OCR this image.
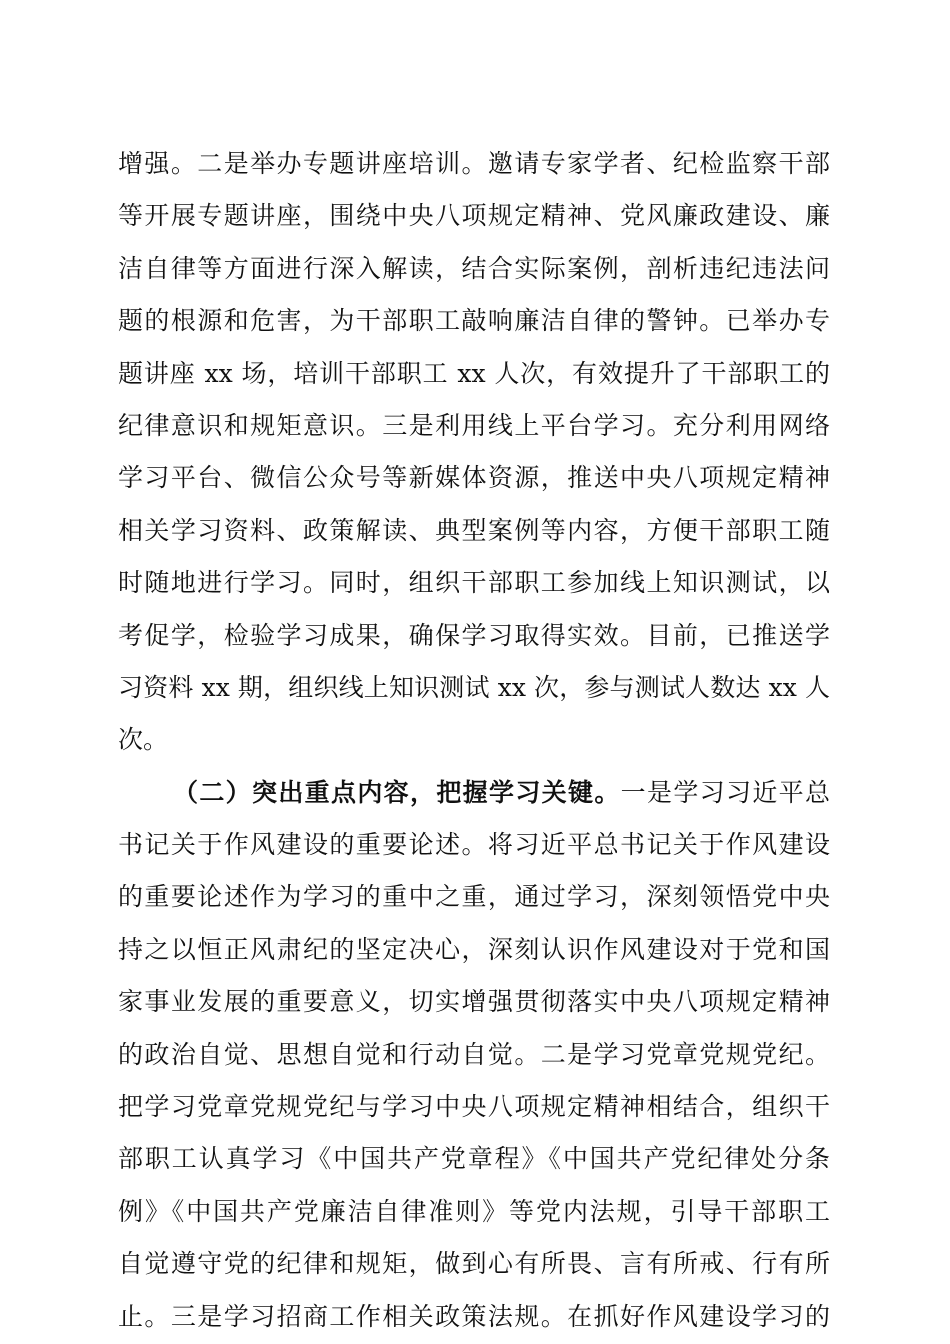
增强。二是举办专题讲座培训。邀请专家学者、纪检监察干部
等开展专题讲座，围绕中央八项规定精神、党风廉政建设、廉
洁自律等方面进行深入解读，结合实际案例，剖析违纪违法问
题的根源和危害，为干部职工敲响廉洁自律的警钟。已举办专
题讲座 xx 场，培训干部职工 xx 人次，有效提升了干部职工的
纪律意识和规矩意识。三是利用线上平台学习。充分利用网络
学习平台、微信公众号等新媒体资源，推送中央八项规定精神
相关学习资料、政策解读、典型案例等内容，方便干部职工随
时随地进行学习。同时，组织干部职工参加线上知识测试，以
考促学，检验学习成果，确保学习取得实效。目前，已推送学
习资料 xx 期，组织线上知识测试 xx 次，参与测试人数达 xx 人
次。
（二）突出重点内容，把握学习关键。一是学习习近平总
书记关于作风建设的重要论述。将习近平总书记关于作风建设
的重要论述作为学习的重中之重，通过学习，深刻领悟党中央
持之以恒正风肃纪的坚定决心，深刻认识作风建设对于党和国
家事业发展的重要意义，切实增强贯彻落实中央八项规定精神
的政治自觉、思想自觉和行动自觉。二是学习党章党规党纪。
把学习党章党规党纪与学习中央八项规定精神相结合，组织干
部职工认真学习《中国共产党章程》《中国共产党纪律处分条
例》《中国共产党廉洁自律准则》等党内法规，引导干部职工
自觉遵守党的纪律和规矩，做到心有所畏、言有所戒、行有所
止。三是学习招商工作相关政策法规。在抓好作风建设学习的
